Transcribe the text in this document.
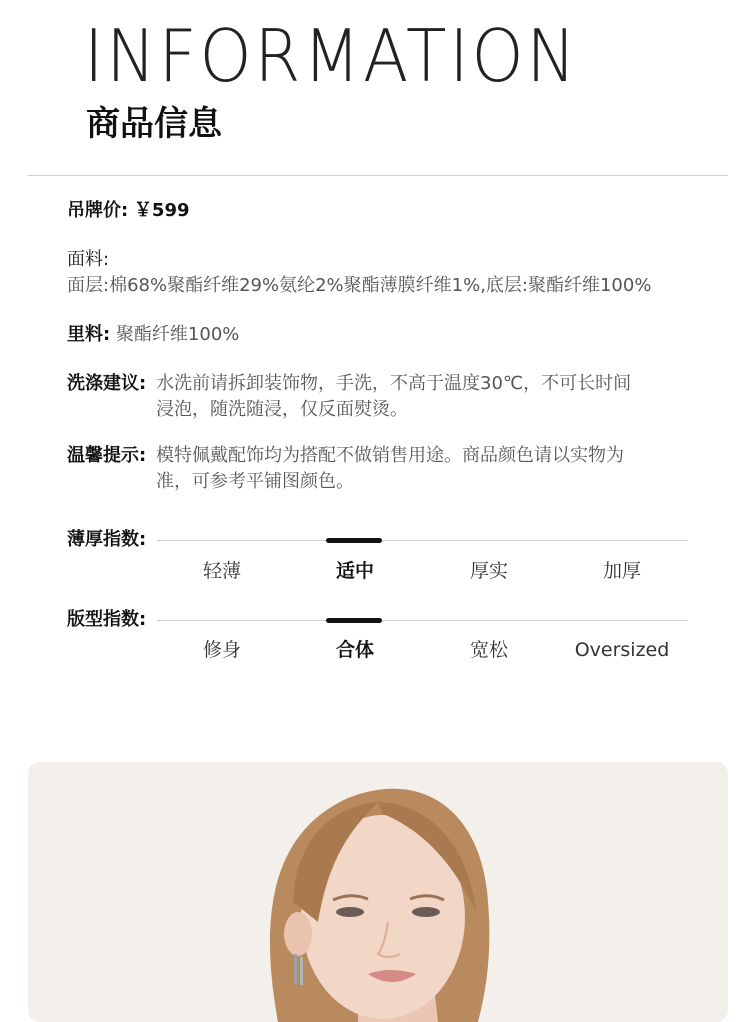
INFORMATION
商品信息
吊牌价: ￥599
面料:
面层:棉68%聚酯纤维29%氨纶2%聚酯薄膜纤维1%,底层:聚酯纤维100%
里料: 聚酯纤维100%
洗涤建议: 水洗前请拆卸装饰物，手洗，不高于温度30℃，不可长时间
浸泡，随洗随浸，仅反面熨烫。
温馨提示: 模特佩戴配饰均为搭配不做销售用途。商品颜色请以实物为
准，可参考平铺图颜色。
薄厚指数:
轻薄	适中	厚实	加厚
版型指数:
修身	合体	宽松	Oversized
